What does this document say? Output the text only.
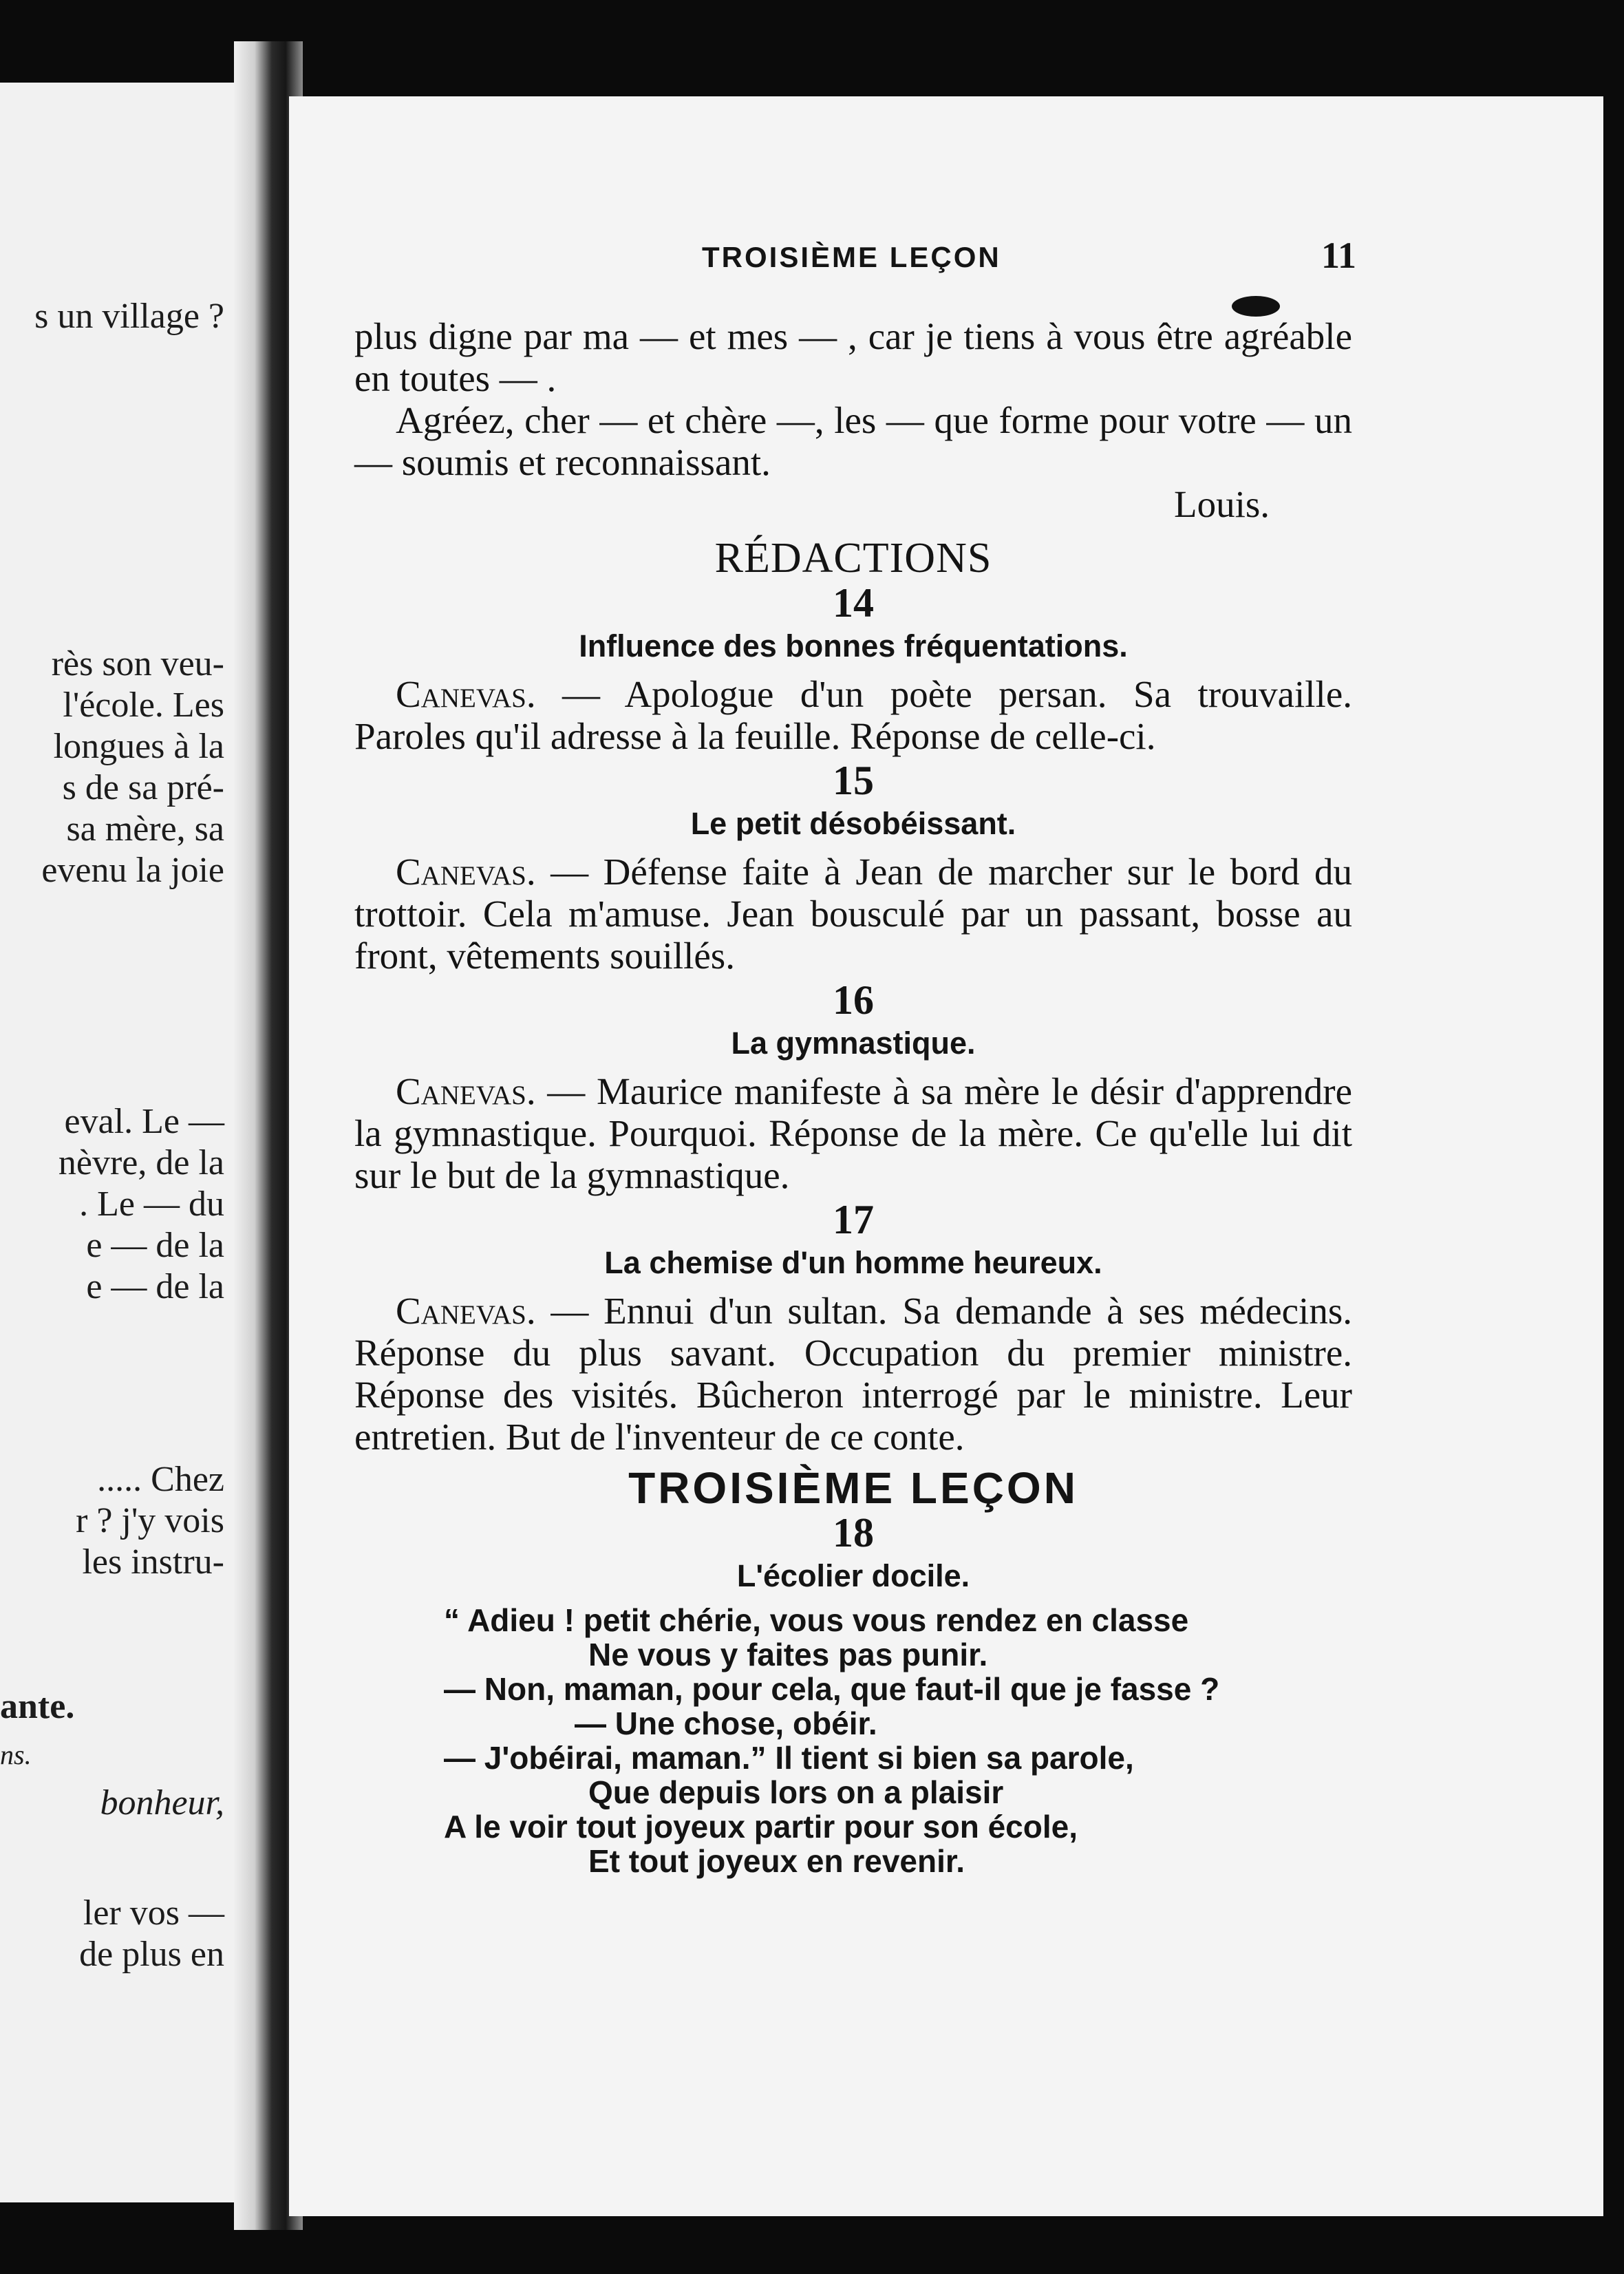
s un village ?
rès son veu-
l'école. Les
longues à la
s de sa pré-
sa mère, sa
evenu la joie
eval. Le —
nèvre, de la
. Le — du
e — de la
e — de la
..... Chez
r ? j'y vois
les instru-
ante.
ns.
bonheur,
ler vos —
de plus en
TROISIÈME LEÇON	11

plus digne par ma — et mes — , car je tiens à vous être agréable en toutes — .

Agréez, cher — et chère —, les — que forme pour votre — un — soumis et reconnaissant.

Louis.

RÉDACTIONS
14
Influence des bonnes fréquentations.

Canevas. — Apologue d'un poète persan. Sa trouvaille. Paroles qu'il adresse à la feuille. Réponse de celle-ci.

15
Le petit désobéissant.

Canevas. — Défense faite à Jean de marcher sur le bord du trottoir. Cela m'amuse. Jean bousculé par un passant, bosse au front, vêtements souillés.

16
La gymnastique.

Canevas. — Maurice manifeste à sa mère le désir d'apprendre la gymnastique. Pourquoi. Réponse de la mère. Ce qu'elle lui dit sur le but de la gymnastique.

17
La chemise d'un homme heureux.

Canevas. — Ennui d'un sultan. Sa demande à ses médecins. Réponse du plus savant. Occupation du premier ministre. Réponse des visités. Bûcheron interrogé par le ministre. Leur entretien. But de l'inventeur de ce conte.

TROISIÈME LEÇON
18
L'écolier docile.
“ Adieu ! petit chérie, vous vous rendez en classe
Ne vous y faites pas punir.
— Non, maman, pour cela, que faut-il que je fasse ?
— Une chose, obéir.
— J'obéirai, maman.” Il tient si bien sa parole,
Que depuis lors on a plaisir
A le voir tout joyeux partir pour son école,
Et tout joyeux en revenir.
